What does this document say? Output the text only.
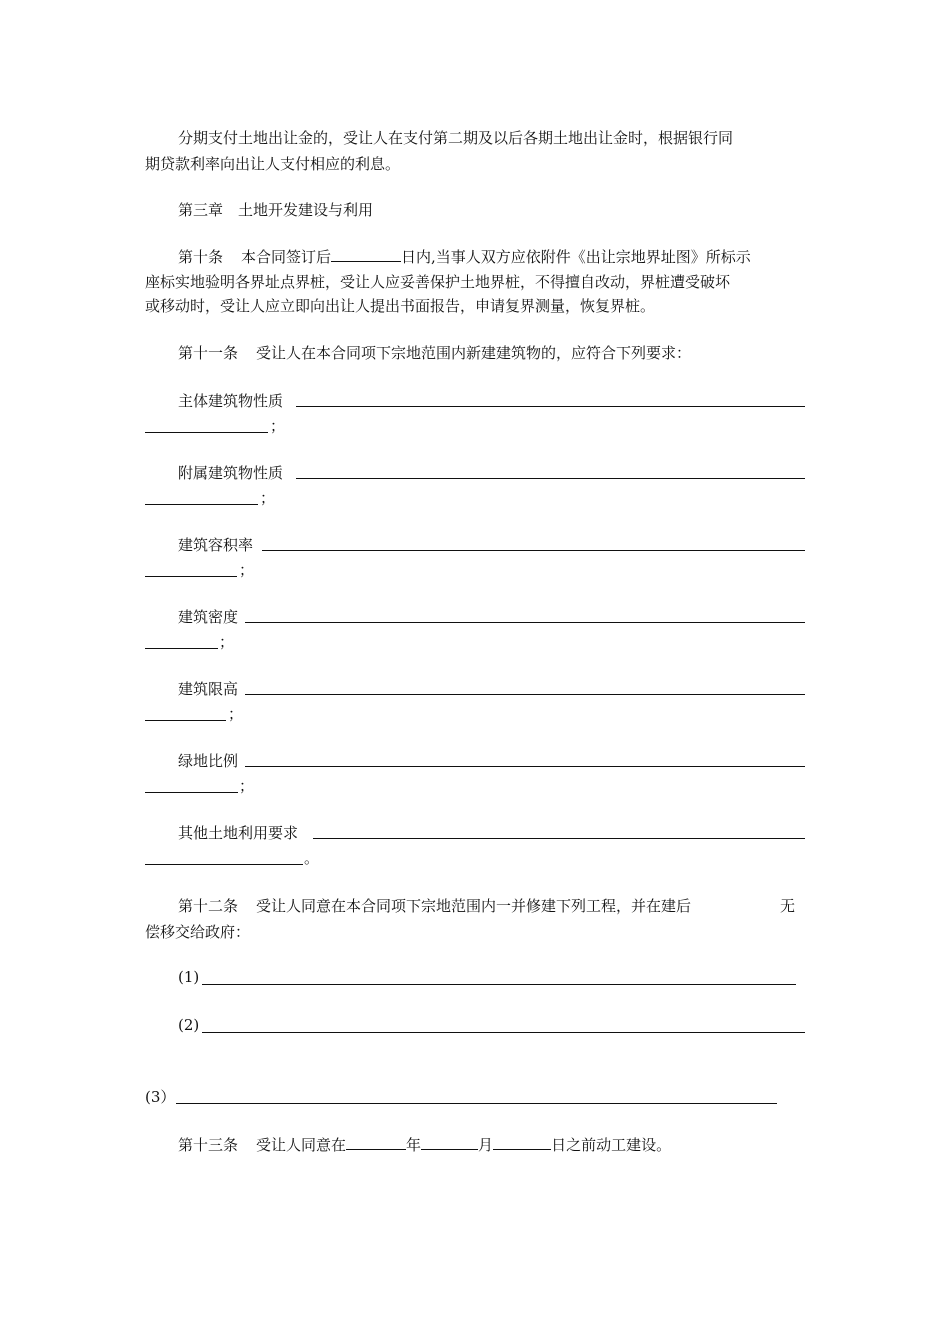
分期支付土地出让金的，受让人在支付第二期及以后各期土地出让金时，根据银行同
期贷款利率向出让人支付相应的利息。
第三章　土地开发建设与利用
第十条 本合同签订后	日内,当事人双方应依附件《出让宗地界址图》所标示
座标实地验明各界址点界桩，受让人应妥善保护土地界桩，不得擅自改动，界桩遭受破坏
或移动时，受让人应立即向出让人提出书面报告，申请复界测量，恢复界桩。
第十一条 受让人在本合同项下宗地范围内新建建筑物的，应符合下列要求：
主体建筑物性质
；
附属建筑物性质
；
建筑容积率
；
建筑密度
；
建筑限高
；
绿地比例
；
其他土地利用要求
。
第十二条 受让人同意在本合同项下宗地范围内一并修建下列工程，并在建后	无
偿移交给政府：
(1)
(2)
(3）
第十三条 受让人同意在	年	月	日之前动工建设。
